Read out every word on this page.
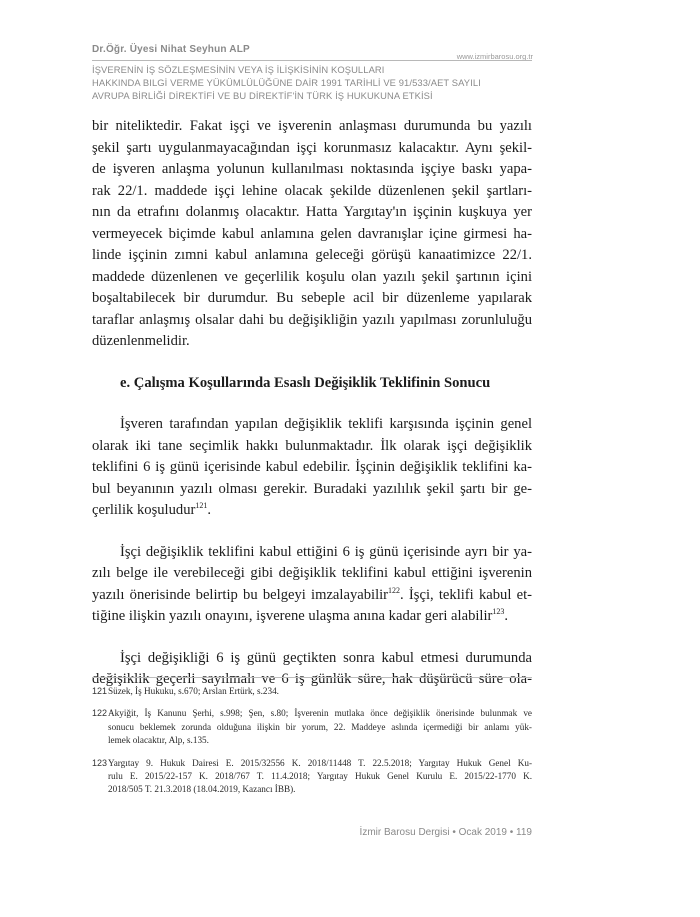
Dr.Öğr. Üyesi Nihat Seyhun ALP
www.izmirbarosu.org.tr
İŞVERENİN İŞ SÖZLEŞMESİNİN VEYA İŞ İLİŞKİSİNİN KOŞULLARI
HAKKINDA BILGİ VERME YÜKÜMLÜLÜĞÜNE DAİR 1991 TARİHLİ VE 91/533/AET SAYILI
AVRUPA BİRLİĞİ DİREKTİFİ VE BU DİREKTİF'İN TÜRK İŞ HUKUKUNA ETKİSİ
bir niteliktedir. Fakat işçi ve işverenin anlaşması durumunda bu yazılı
şekil şartı uygulanmayacağından işçi korunmasız kalacaktır. Aynı şekil-
de işveren anlaşma yolunun kullanılması noktasında işçiye baskı yapa-
rak 22/1. maddede işçi lehine olacak şekilde düzenlenen şekil şartları-
nın da etrafını dolanmış olacaktır. Hatta Yargıtay'ın işçinin kuşkuya yer
vermeyecek biçimde kabul anlamına gelen davranışlar içine girmesi ha-
linde işçinin zımni kabul anlamına geleceği görüşü kanaatimizce 22/1.
maddede düzenlenen ve geçerlilik koşulu olan yazılı şekil şartının içini
boşaltabilecek bir durumdur. Bu sebeple acil bir düzenleme yapılarak
taraflar anlaşmış olsalar dahi bu değişikliğin yazılı yapılması zorunluluğu
düzenlenmelidir.
e. Çalışma Koşullarında Esaslı Değişiklik Teklifinin Sonucu
İşveren tarafından yapılan değişiklik teklifi karşısında işçinin genel
olarak iki tane seçimlik hakkı bulunmaktadır. İlk olarak işçi değişiklik
teklifini 6 iş günü içerisinde kabul edebilir. İşçinin değişiklik teklifini ka-
bul beyanının yazılı olması gerekir. Buradaki yazılılık şekil şartı bir ge-
çerlilik koşuludur$^{121}$.
İşçi değişiklik teklifini kabul ettiğini 6 iş günü içerisinde ayrı bir ya-
zılı belge ile verebileceği gibi değişiklik teklifini kabul ettiğini işverenin
yazılı önerisinde belirtip bu belgeyi imzalayabilir$^{122}$. İşçi, teklifi kabul et-
tiğine ilişkin yazılı onayını, işverene ulaşma anına kadar geri alabilir$^{123}$.
İşçi değişikliği 6 iş günü geçtikten sonra kabul etmesi durumunda
değişiklik geçerli sayılmalı ve 6 iş günlük süre, hak düşürücü süre ola-
121 Süzek, İş Hukuku, s.670; Arslan Ertürk, s.234.
122 Akyiğit, İş Kanunu Şerhi, s.998; Şen, s.80; İşverenin mutlaka önce değişiklik önerisinde bulunmak ve
sonucu beklemek zorunda olduğuna ilişkin bir yorum, 22. Maddeye aslında içermediği bir anlamı yük-
lemek olacaktır, Alp, s.135.
123 Yargıtay 9. Hukuk Dairesi E. 2015/32556 K. 2018/11448 T. 22.5.2018; Yargıtay Hukuk Genel Ku-
rulu E. 2015/22-157 K. 2018/767 T. 11.4.2018; Yargıtay Hukuk Genel Kurulu E. 2015/22-1770 K.
2018/505 T. 21.3.2018 (18.04.2019, Kazancı İBB).
İzmir Barosu Dergisi • Ocak 2019 • 119
